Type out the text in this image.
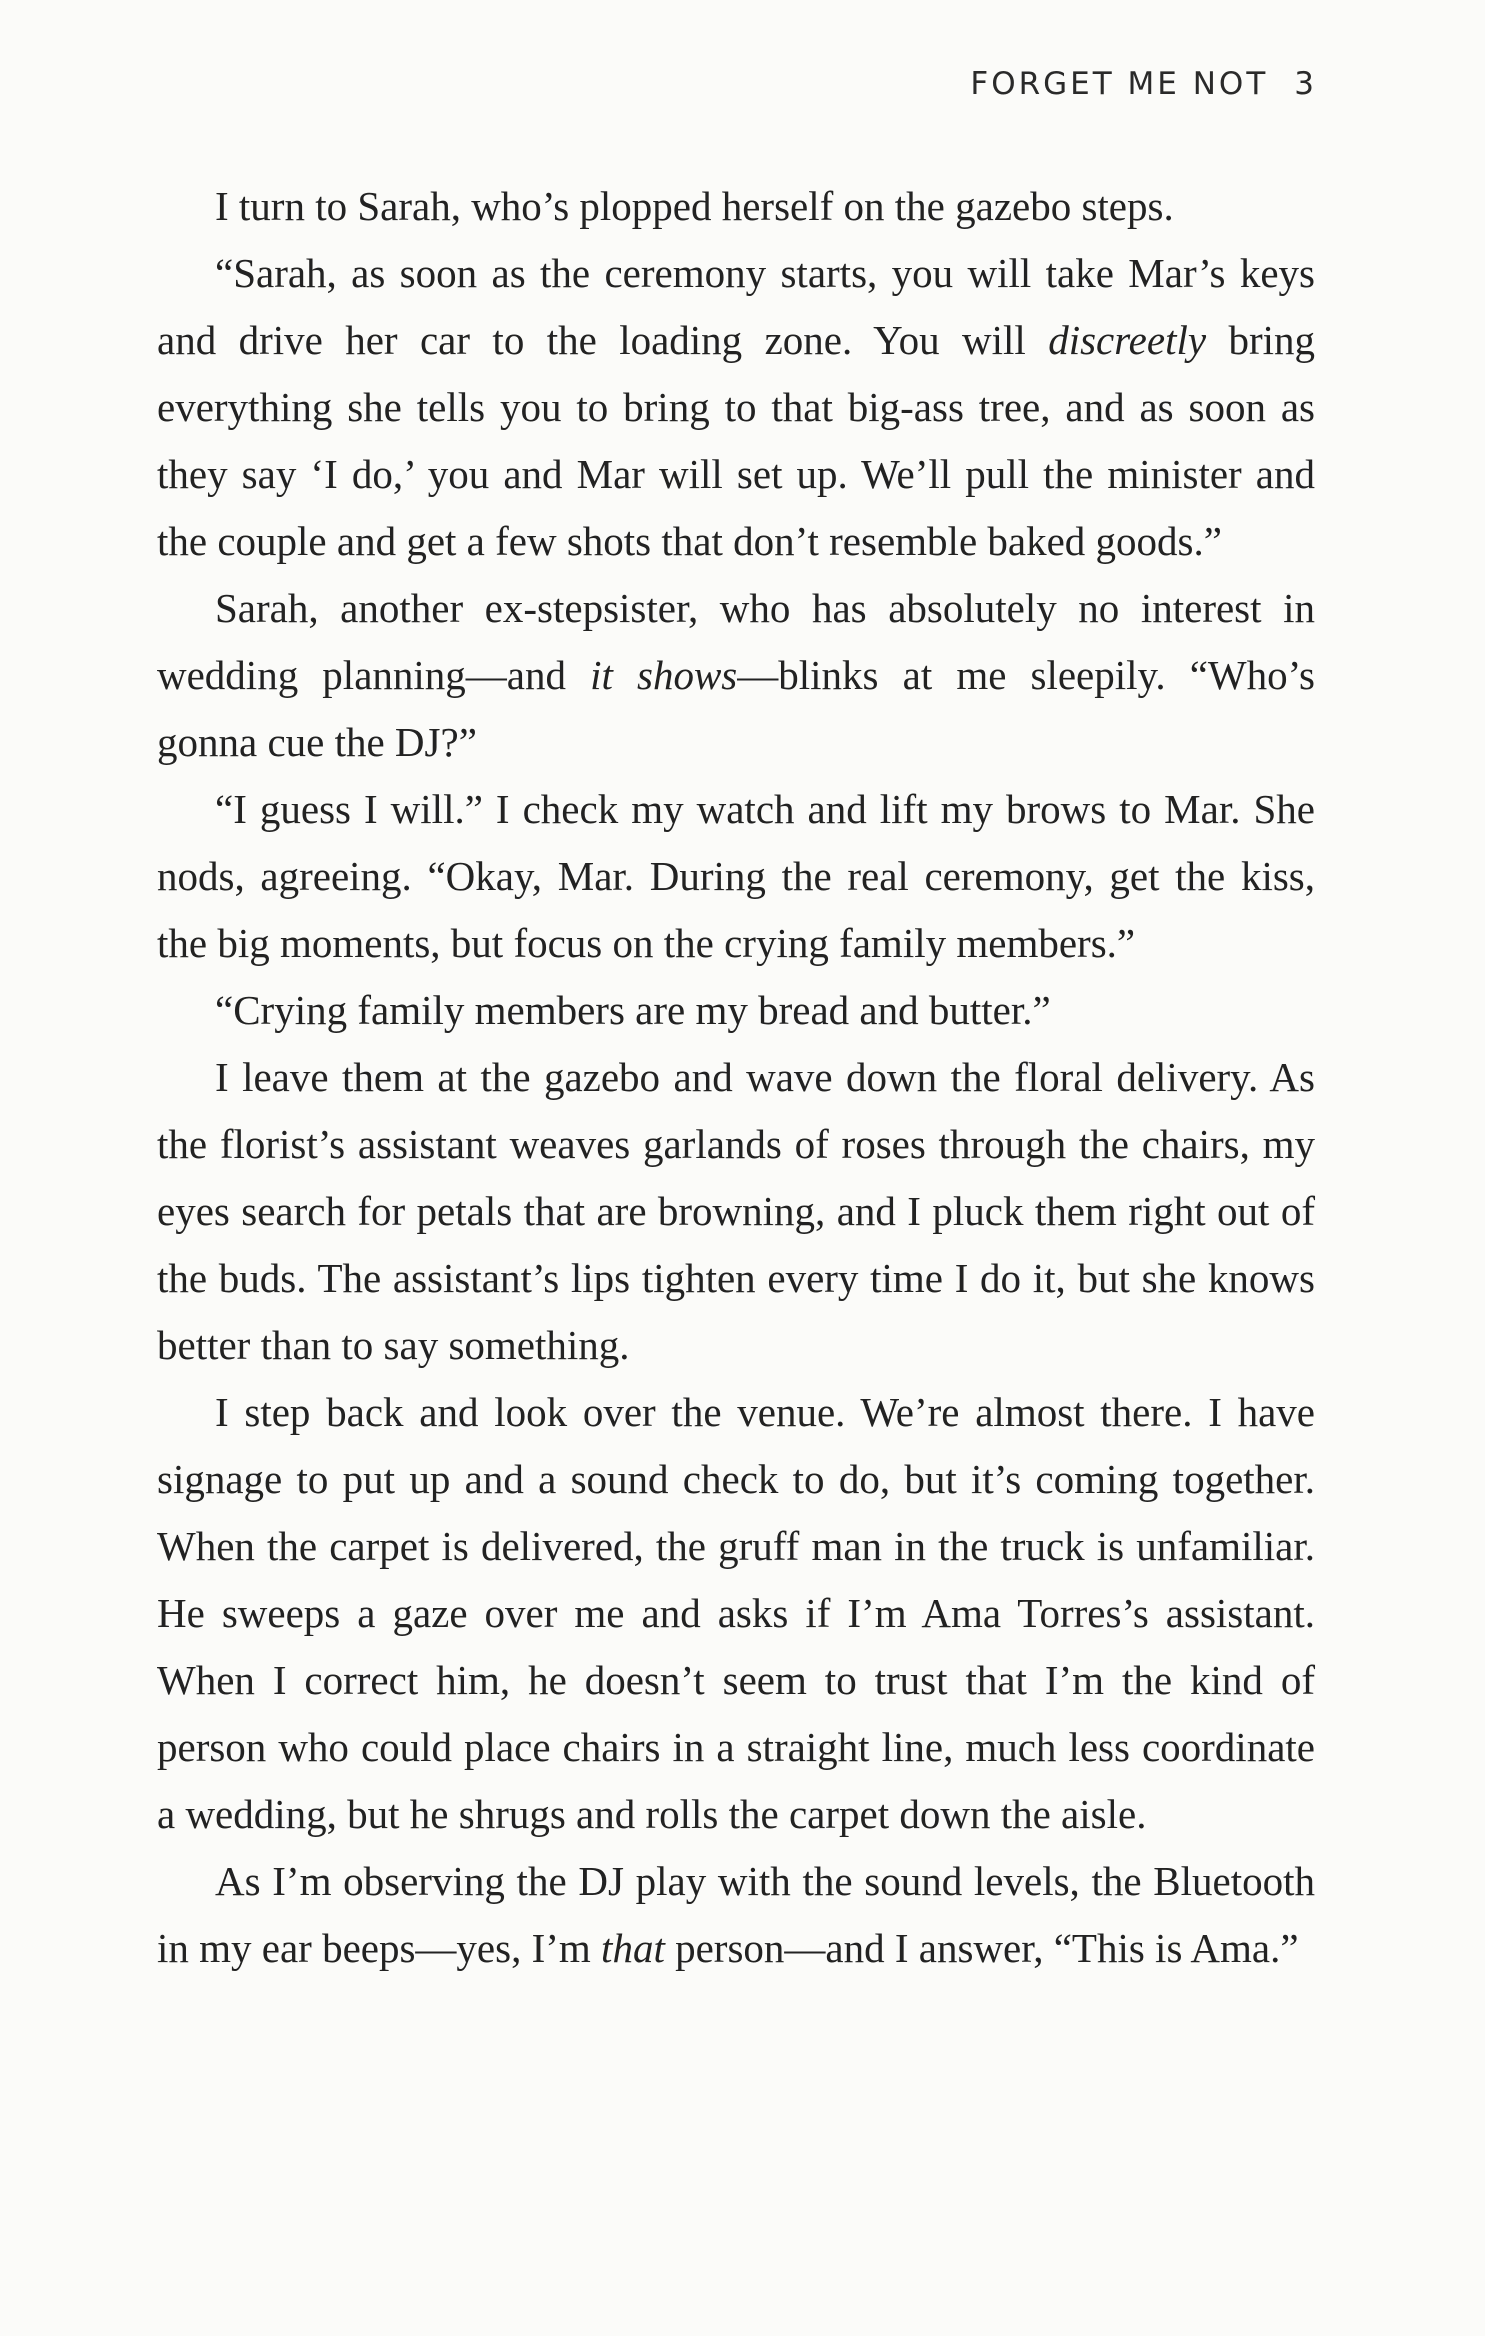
FORGET ME NOT 3

I turn to Sarah, who’s plopped herself on the gazebo steps.

“Sarah, as soon as the ceremony starts, you will take Mar’s keys and drive her car to the loading zone. You will discreetly bring everything she tells you to bring to that big-ass tree, and as soon as they say ‘I do,’ you and Mar will set up. We’ll pull the minister and the couple and get a few shots that don’t resemble baked goods.”

Sarah, another ex-stepsister, who has absolutely no interest in wedding planning—and it shows—blinks at me sleepily. “Who’s gonna cue the DJ?”

“I guess I will.” I check my watch and lift my brows to Mar. She nods, agreeing. “Okay, Mar. During the real ceremony, get the kiss, the big moments, but focus on the crying family members.”

“Crying family members are my bread and butter.”

I leave them at the gazebo and wave down the floral delivery. As the florist’s assistant weaves garlands of roses through the chairs, my eyes search for petals that are browning, and I pluck them right out of the buds. The assistant’s lips tighten every time I do it, but she knows better than to say something.

I step back and look over the venue. We’re almost there. I have signage to put up and a sound check to do, but it’s coming together. When the carpet is delivered, the gruff man in the truck is unfamiliar. He sweeps a gaze over me and asks if I’m Ama Torres’s assistant. When I correct him, he doesn’t seem to trust that I’m the kind of person who could place chairs in a straight line, much less coordinate a wedding, but he shrugs and rolls the carpet down the aisle.

As I’m observing the DJ play with the sound levels, the Bluetooth in my ear beeps—yes, I’m that person—and I answer, “This is Ama.”
